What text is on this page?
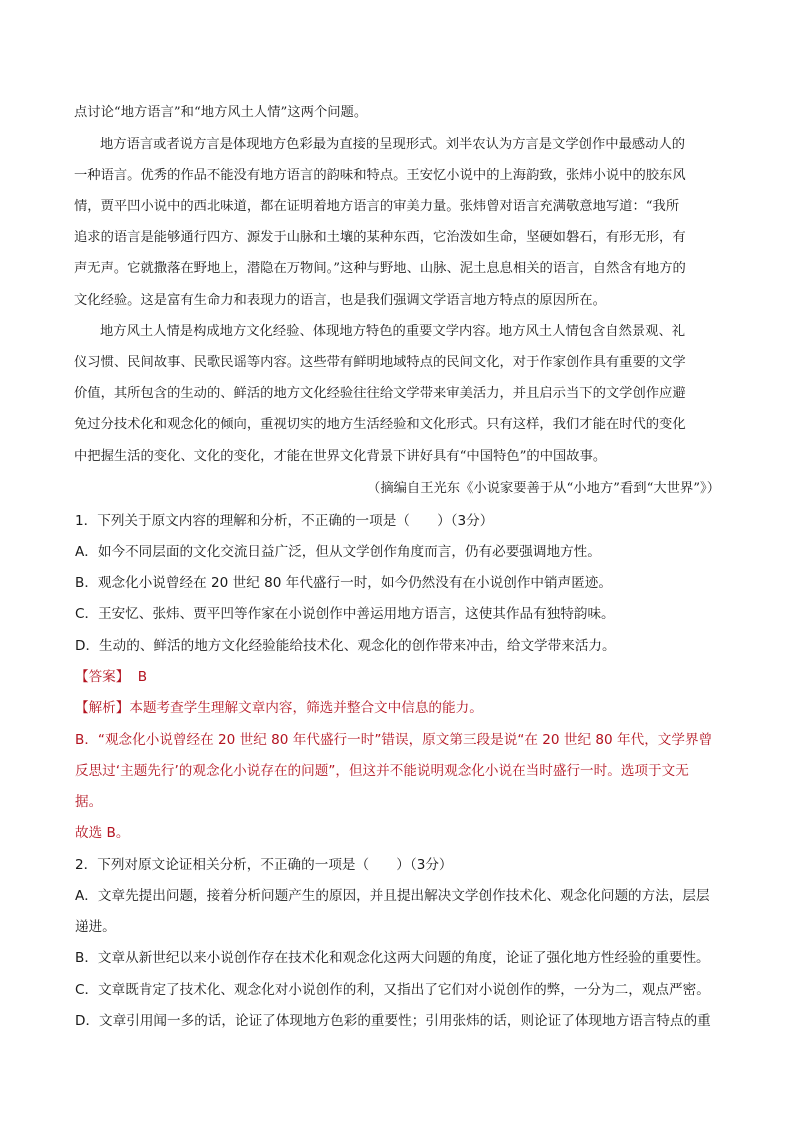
点讨论“地方语言”和“地方风土人情”这两个问题。
地方语言或者说方言是体现地方色彩最为直接的呈现形式。刘半农认为方言是文学创作中最感动人的
一种语言。优秀的作品不能没有地方语言的韵味和特点。王安忆小说中的上海韵致，张炜小说中的胶东风
情，贾平凹小说中的西北味道，都在证明着地方语言的审美力量。张炜曾对语言充满敬意地写道：“我所
追求的语言是能够通行四方、源发于山脉和土壤的某种东西，它治泼如生命，坚硬如磐石，有形无形，有
声无声。它就撒落在野地上，潜隐在万物间。”这种与野地、山脉、泥土息息相关的语言，自然含有地方的
文化经验。这是富有生命力和表现力的语言，也是我们强调文学语言地方特点的原因所在。
地方风土人情是构成地方文化经验、体现地方特色的重要文学内容。地方风土人情包含自然景观、礼
仪习惯、民间故事、民歌民谣等内容。这些带有鲜明地域特点的民间文化，对于作家创作具有重要的文学
价值，其所包含的生动的、鲜活的地方文化经验往往给文学带来审美活力，并且启示当下的文学创作应避
免过分技术化和观念化的倾向，重视切实的地方生活经验和文化形式。只有这样，我们才能在时代的变化
中把握生活的变化、文化的变化，才能在世界文化背景下讲好具有“中国特色”的中国故事。
（摘编自王光东《小说家要善于从“小地方”看到“大世界”》）
1．下列关于原文内容的理解和分析，不正确的一项是（　　）（3分）
A．如今不同层面的文化交流日益广泛，但从文学创作角度而言，仍有必要强调地方性。
B．观念化小说曾经在 20 世纪 80 年代盛行一时，如今仍然没有在小说创作中销声匿迹。
C．王安忆、张炜、贾平凹等作家在小说创作中善运用地方语言，这使其作品有独特韵味。
D．生动的、鲜活的地方文化经验能给技术化、观念化的创作带来冲击，给文学带来活力。
【答案】 B
【解析】本题考查学生理解文章内容，筛选并整合文中信息的能力。
B．“观念化小说曾经在 20 世纪 80 年代盛行一时”错误，原文第三段是说“在 20 世纪 80 年代，文学界曾
反思过‘主题先行’的观念化小说存在的问题”，但这并不能说明观念化小说在当时盛行一时。选项于文无
据。
故选 B。
2．下列对原文论证相关分析，不正确的一项是（　　）（3分）
A．文章先提出问题，接着分析问题产生的原因，并且提出解决文学创作技术化、观念化问题的方法，层层
递进。
B．文章从新世纪以来小说创作存在技术化和观念化这两大问题的角度，论证了强化地方性经验的重要性。
C．文章既肯定了技术化、观念化对小说创作的利，又指出了它们对小说创作的弊，一分为二，观点严密。
D．文章引用闻一多的话，论证了体现地方色彩的重要性；引用张炜的话，则论证了体现地方语言特点的重
